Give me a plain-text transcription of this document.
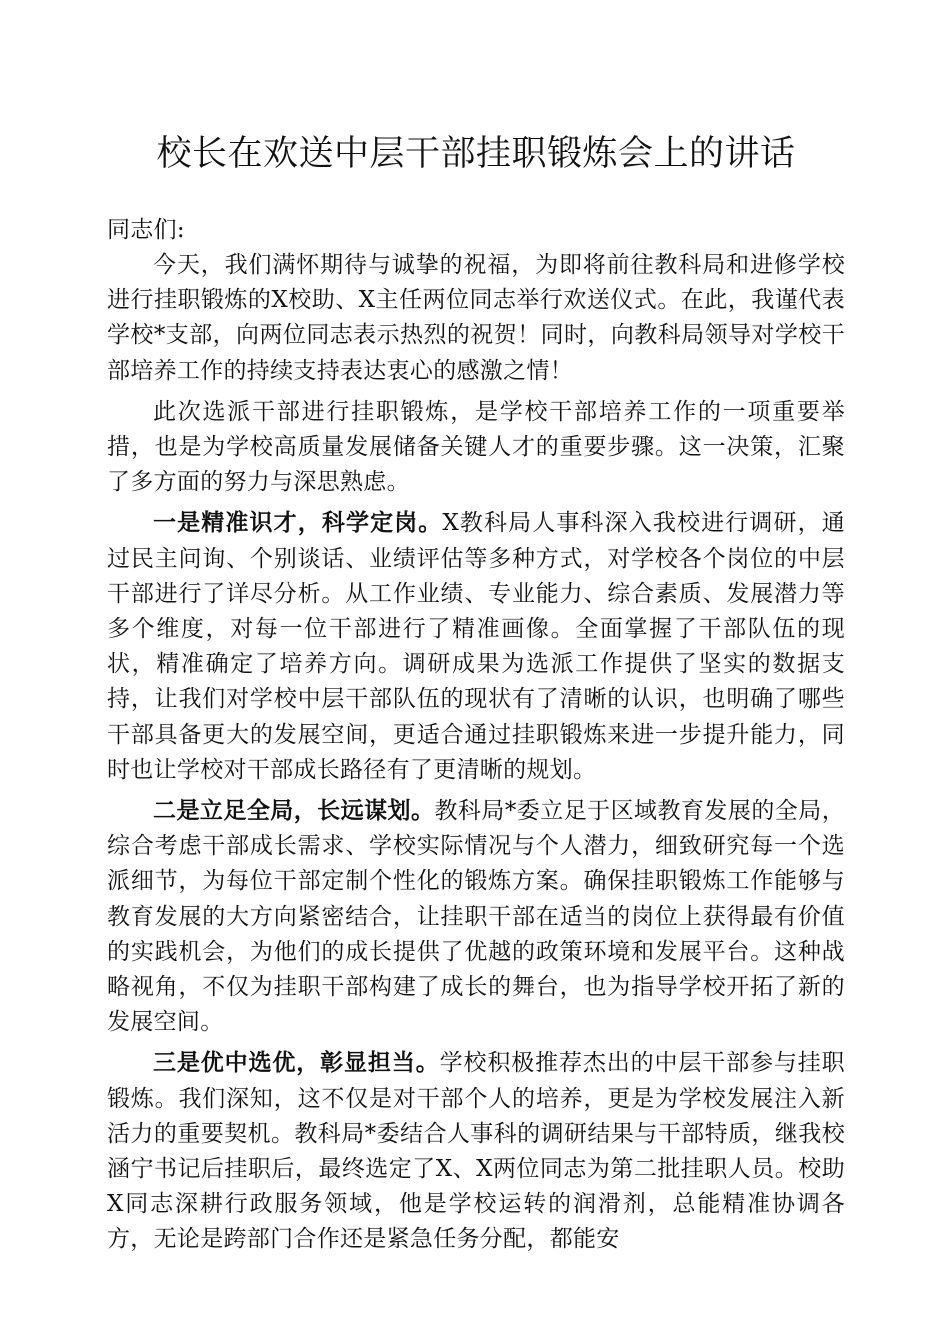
校长在欢送中层干部挂职锻炼会上的讲话

同志们:

今天，我们满怀期待与诚挚的祝福，为即将前往教科局和进修学校进行挂职锻炼的X校助、X主任两位同志举行欢送仪式。在此，我谨代表学校*支部，向两位同志表示热烈的祝贺！同时，向教科局领导对学校干部培养工作的持续支持表达衷心的感激之情！

此次选派干部进行挂职锻炼，是学校干部培养工作的一项重要举措，也是为学校高质量发展储备关键人才的重要步骤。这一决策，汇聚了多方面的努力与深思熟虑。

一是精准识才，科学定岗。X教科局人事科深入我校进行调研，通过民主问询、个别谈话、业绩评估等多种方式，对学校各个岗位的中层干部进行了详尽分析。从工作业绩、专业能力、综合素质、发展潜力等多个维度，对每一位干部进行了精准画像。全面掌握了干部队伍的现状，精准确定了培养方向。调研成果为选派工作提供了坚实的数据支持，让我们对学校中层干部队伍的现状有了清晰的认识，也明确了哪些干部具备更大的发展空间，更适合通过挂职锻炼来进一步提升能力，同时也让学校对干部成长路径有了更清晰的规划。

二是立足全局，长远谋划。教科局*委立足于区域教育发展的全局，综合考虑干部成长需求、学校实际情况与个人潜力，细致研究每一个选派细节，为每位干部定制个性化的锻炼方案。确保挂职锻炼工作能够与教育发展的大方向紧密结合，让挂职干部在适当的岗位上获得最有价值的实践机会，为他们的成长提供了优越的政策环境和发展平台。这种战略视角，不仅为挂职干部构建了成长的舞台，也为指导学校开拓了新的发展空间。

三是优中选优，彰显担当。学校积极推荐杰出的中层干部参与挂职锻炼。我们深知，这不仅是对干部个人的培养，更是为学校发展注入新活力的重要契机。教科局*委结合人事科的调研结果与干部特质，继我校涵宁书记后挂职后，最终选定了X、X两位同志为第二批挂职人员。校助X同志深耕行政服务领域，他是学校运转的润滑剂，总能精准协调各方，无论是跨部门合作还是紧急任务分配，都能安
